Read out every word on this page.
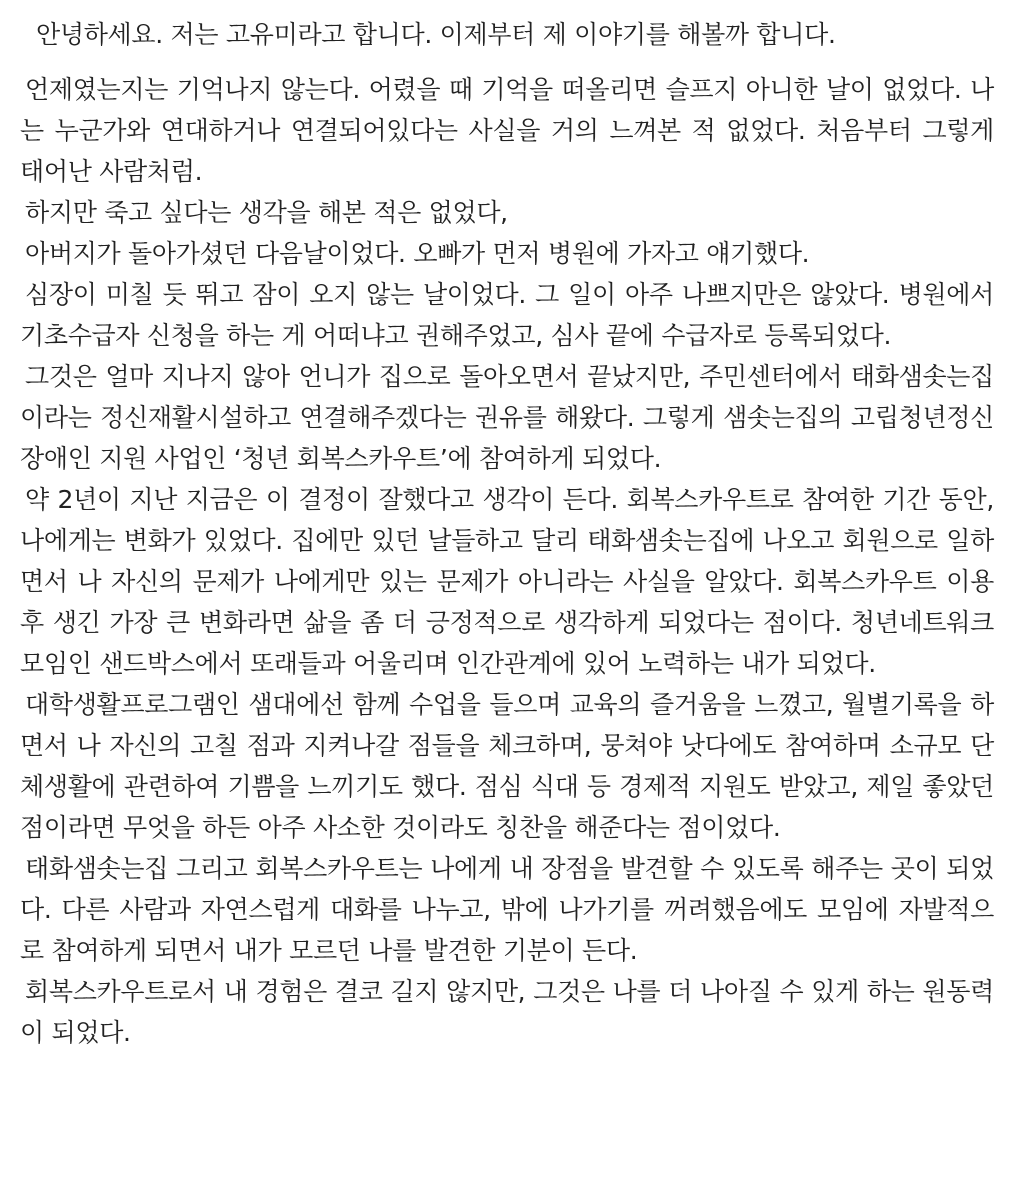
안녕하세요. 저는 고유미라고 합니다. 이제부터 제 이야기를 해볼까 합니다.

언제였는지는 기억나지 않는다. 어렸을 때 기억을 떠올리면 슬프지 아니한 날이 없었다. 나는 누군가와 연대하거나 연결되어있다는 사실을 거의 느껴본 적 없었다. 처음부터 그렇게 태어난 사람처럼.

하지만 죽고 싶다는 생각을 해본 적은 없었다,

아버지가 돌아가셨던 다음날이었다. 오빠가 먼저 병원에 가자고 얘기했다.

심장이 미칠 듯 뛰고 잠이 오지 않는 날이었다. 그 일이 아주 나쁘지만은 않았다. 병원에서 기초수급자 신청을 하는 게 어떠냐고 권해주었고, 심사 끝에 수급자로 등록되었다.

그것은 얼마 지나지 않아 언니가 집으로 돌아오면서 끝났지만, 주민센터에서 태화샘솟는집이라는 정신재활시설하고 연결해주겠다는 권유를 해왔다. 그렇게 샘솟는집의 고립청년정신장애인 지원 사업인 ‘청년 회복스카우트’에 참여하게 되었다.

약 2년이 지난 지금은 이 결정이 잘했다고 생각이 든다. 회복스카우트로 참여한 기간 동안, 나에게는 변화가 있었다. 집에만 있던 날들하고 달리 태화샘솟는집에 나오고 회원으로 일하면서 나 자신의 문제가 나에게만 있는 문제가 아니라는 사실을 알았다. 회복스카우트 이용 후 생긴 가장 큰 변화라면 삶을 좀 더 긍정적으로 생각하게 되었다는 점이다. 청년네트워크모임인 샌드박스에서 또래들과 어울리며 인간관계에 있어 노력하는 내가 되었다.

대학생활프로그램인 샘대에선 함께 수업을 들으며 교육의 즐거움을 느꼈고, 월별기록을 하면서 나 자신의 고칠 점과 지켜나갈 점들을 체크하며, 뭉쳐야 낫다에도 참여하며 소규모 단체생활에 관련하여 기쁨을 느끼기도 했다. 점심 식대 등 경제적 지원도 받았고, 제일 좋았던 점이라면 무엇을 하든 아주 사소한 것이라도 칭찬을 해준다는 점이었다.

태화샘솟는집 그리고 회복스카우트는 나에게 내 장점을 발견할 수 있도록 해주는 곳이 되었다. 다른 사람과 자연스럽게 대화를 나누고, 밖에 나가기를 꺼려했음에도 모임에 자발적으로 참여하게 되면서 내가 모르던 나를 발견한 기분이 든다.

회복스카우트로서 내 경험은 결코 길지 않지만, 그것은 나를 더 나아질 수 있게 하는 원동력이 되었다.
